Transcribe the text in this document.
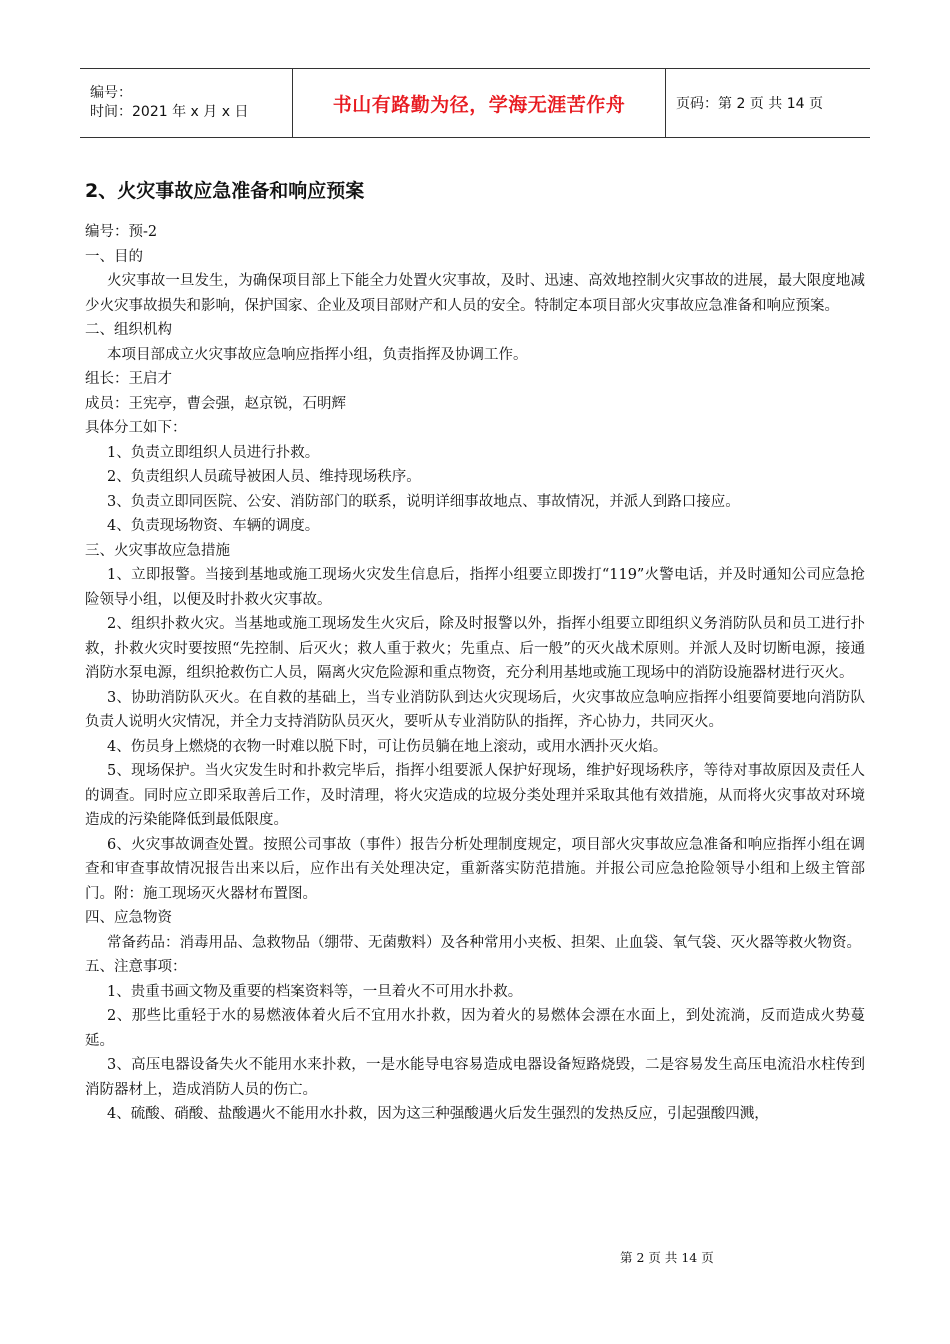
编号：
时间：2021 年 x 月 x 日	书山有路勤为径，学海无涯苦作舟	页码：第 2 页 共 14 页
2、火灾事故应急准备和响应预案

编号：预-2

一、目的

火灾事故一旦发生，为确保项目部上下能全力处置火灾事故，及时、迅速、高效地控制火灾事故的进展，最大限度地减少火灾事故损失和影响，保护国家、企业及项目部财产和人员的安全。特制定本项目部火灾事故应急准备和响应预案。

二、组织机构

本项目部成立火灾事故应急响应指挥小组，负责指挥及协调工作。

组长：王启才

成员：王宪亭，曹会强，赵京锐，石明辉

具体分工如下：

1、负责立即组织人员进行扑救。

2、负责组织人员疏导被困人员、维持现场秩序。

3、负责立即同医院、公安、消防部门的联系，说明详细事故地点、事故情况，并派人到路口接应。

4、负责现场物资、车辆的调度。

三、火灾事故应急措施

1、立即报警。当接到基地或施工现场火灾发生信息后，指挥小组要立即拨打“119”火警电话，并及时通知公司应急抢险领导小组，以便及时扑救火灾事故。

2、组织扑救火灾。当基地或施工现场发生火灾后，除及时报警以外，指挥小组要立即组织义务消防队员和员工进行扑救，扑救火灾时要按照“先控制、后灭火；救人重于救火；先重点、后一般”的灭火战术原则。并派人及时切断电源，接通消防水泵电源，组织抢救伤亡人员，隔离火灾危险源和重点物资，充分利用基地或施工现场中的消防设施器材进行灭火。

3、协助消防队灭火。在自救的基础上，当专业消防队到达火灾现场后，火灾事故应急响应指挥小组要简要地向消防队负责人说明火灾情况，并全力支持消防队员灭火，要听从专业消防队的指挥，齐心协力，共同灭火。

4、伤员身上燃烧的衣物一时难以脱下时，可让伤员躺在地上滚动，或用水洒扑灭火焰。

5、现场保护。当火灾发生时和扑救完毕后，指挥小组要派人保护好现场，维护好现场秩序，等待对事故原因及责任人的调查。同时应立即采取善后工作，及时清理，将火灾造成的垃圾分类处理并采取其他有效措施，从而将火灾事故对环境造成的污染能降低到最低限度。

6、火灾事故调查处置。按照公司事故（事件）报告分析处理制度规定，项目部火灾事故应急准备和响应指挥小组在调查和审查事故情况报告出来以后，应作出有关处理决定，重新落实防范措施。并报公司应急抢险领导小组和上级主管部门。附：施工现场灭火器材布置图。

四、应急物资

常备药品：消毒用品、急救物品（绷带、无菌敷料）及各种常用小夹板、担架、止血袋、氧气袋、灭火器等救火物资。

五、注意事项：

1、贵重书画文物及重要的档案资料等，一旦着火不可用水扑救。

2、那些比重轻于水的易燃液体着火后不宜用水扑救，因为着火的易燃体会漂在水面上，到处流淌，反而造成火势蔓延。

3、高压电器设备失火不能用水来扑救，一是水能导电容易造成电器设备短路烧毁，二是容易发生高压电流沿水柱传到消防器材上，造成消防人员的伤亡。

4、硫酸、硝酸、盐酸遇火不能用水扑救，因为这三种强酸遇火后发生强烈的发热反应，引起强酸四溅，

第 2 页 共 14 页
